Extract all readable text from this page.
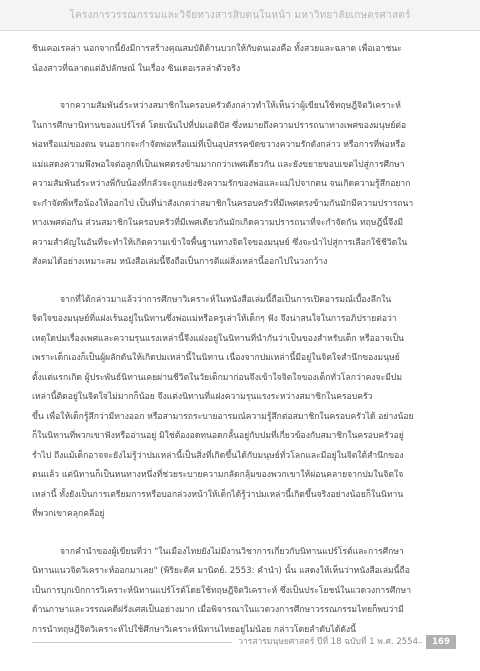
โครงการวรรณกรรมและวิจัยทางสารสิบตนในหน้า มหาวิทยาลัยเกษตรศาสตร์

ชินเคอเรลล่า นอกจากนี้ยังมีการสร้างคุณสมบัติด้านบวกให้กับตนเองคือ ทั้งสวยและฉลาด เพื่อเอาชนะ

น้องสาวที่ฉลาดแต่อัปลักษณ์ ในเรื่อง ซินเดอเรลล่าตัวจริง

จากความสัมพันธ์ระหว่างสมาชิกในครอบครัวดังกล่าวทำให้เห็นว่าผู้เขียนใช้ทฤษฎีจิตวิเคราะห์

ในการศึกษานิทานของแปร์โรต์ โดยเน้นไปที่ปมเอดิปัส ซึ่งหมายถึงความปรารถนาทางเพศของมนุษย์ต่อ

พ่อหรือแม่ของตน จนอยากจะกำจัดพ่อหรือแม่ที่เป็นอุปสรรคขัดขวางความรักดังกล่าว หรือการที่พ่อหรือ

แม่แสดงความพึงพอใจต่อลูกที่เป็นเพศตรงข้ามมากกว่าเพศเดียวกัน และยังขยายขอบเขตไปสู่การศึกษา

ความสัมพันธ์ระหว่างพี่กับน้องที่กลัวจะถูกแย่งชิงความรักของพ่อและแม่ไปจากตน จนเกิดความรู้สึกอยาก

จะกำจัดพี่หรือน้องให้ออกไป เป็นที่น่าสังเกตว่าสมาชิกในครอบครัวที่มีเพศตรงข้ามกันมักมีความปรารถนา

ทางเพศต่อกัน ส่วนสมาชิกในครอบครัวที่มีเพศเดียวกันมักเกิดความปรารถนาที่จะกำจัดกัน ทฤษฎีนี้จึงมี

ความสำคัญในอันที่จะทำให้เกิดความเข้าใจพื้นฐานทางจิตใจของมนุษย์ ซึ่งจะนำไปสู่การเลือกใช้ชีวิตใน

สังคมได้อย่างเหมาะสม หนังสือเล่มนี้จึงถือเป็นการตีแผ่สิ่งเหล่านี้ออกไปในวงกว้าง

จากที่ได้กล่าวมาแล้วว่าการศึกษาวิเคราะห์ในหนังสือเล่มนี้ถือเป็นการเปิดอารมณ์เบื้องลึกใน

จิตใจของมนุษย์ที่แฝงเร้นอยู่ในนิทานซึ่งพ่อแม่หรือครูเล่าให้เด็กๆ ฟัง จึงน่าสนใจในการอภิปรายต่อว่า

เหตุใดปมเรื่องเพศและความรุนแรงเหล่านี้จึงแฝงอยู่ในนิทานที่นำกันว่าเป็นของสำหรับเด็ก หรืออาจเป็น

เพราะเด็กเองก็เป็นผู้ผลักดันให้เกิดปมเหล่านี้ในนิทาน เนื่องจากปมเหล่านี้มีอยู่ในจิตใจสำนึกของมนุษย์

ตั้งแต่แรกเกิด ผู้ประพันธ์นิทานเคยผ่านชีวิตในวัยเด็กมาก่อนจึงเข้าใจจิตใจของเด็กทั่วโลกว่าคงจะมีปม

เหล่านี้ติดอยู่ในจิตใจไม่มากก็น้อย จึงแต่งนิทานที่แฝงความรุนแรงระหว่างสมาชิกในครอบครัว

ขึ้น เพื่อให้เด็กรู้สึกว่ามีทางออก หรือสามารถระบายอารมณ์ความรู้สึกต่อสมาชิกในครอบครัวได้ อย่างน้อย

ก็ในนิทานที่พวกเขาฟังหรืออ่านอยู่ มิใช่ต้องอดทนอดกลั้นอยู่กับปมที่เกี่ยวข้องกับสมาชิกในครอบครัวอยู่

ร่ำไป ถึงแม้เด็กอาจจะยังไม่รู้ว่าปมเหล่านี้เป็นสิ่งที่เกิดขึ้นได้กับมนุษย์ทั่วโลกและมีอยู่ในจิตใต้สำนึกของ

ตนแล้ว แต่นิทานก็เป็นหนทางหนึ่งที่ช่วยระบายความกลัดกลุ้มของพวกเขาให้ผ่อนคลายจากปมในจิตใจ

เหล่านี้ ทั้งยังเป็นการเตรียมการหรือบอกล่วงหน้าให้เด็กได้รู้ว่าปมเหล่านี้เกิดขึ้นจริงอย่างน้อยก็ในนิทาน

ที่พวกเขาคลุกคลีอยู่

จากคำนำของผู้เขียนที่ว่า "ในเมืองไทยยังไม่มีงานวิชาการเกี่ยวกับนิทานแปร์โรต์และการศึกษา

นิทานแนวจิตวิเคราะห์ออกมาเลย" (พิริยะดิศ มานิตย์. 2553: คำนำ) นั้น แสดงให้เห็นว่าหนังสือเล่มนี้ถือ

เป็นการบุกเบิกการวิเคราะห์นิทานแปร์โรต์โดยใช้ทฤษฎีจิตวิเคราะห์ ซึ่งเป็นประโยชน์ในแวดวงการศึกษา

ด้านภาษาและวรรณคดีฝรั่งเศสเป็นอย่างมาก เมื่อพิจารณาในแวดวงการศึกษาวรรณกรรมไทยก็พบว่ามี

การนำทฤษฎีจิตวิเคราะห์ไปใช้ศึกษาวิเคราะห์นิทานไทยอยู่ไม่น้อย กล่าวโดยลำดับได้ดังนี้

วารสารมนุษยศาสตร์ ปีที่ 18 ฉบับที่ 1 พ.ศ. 2554	169
